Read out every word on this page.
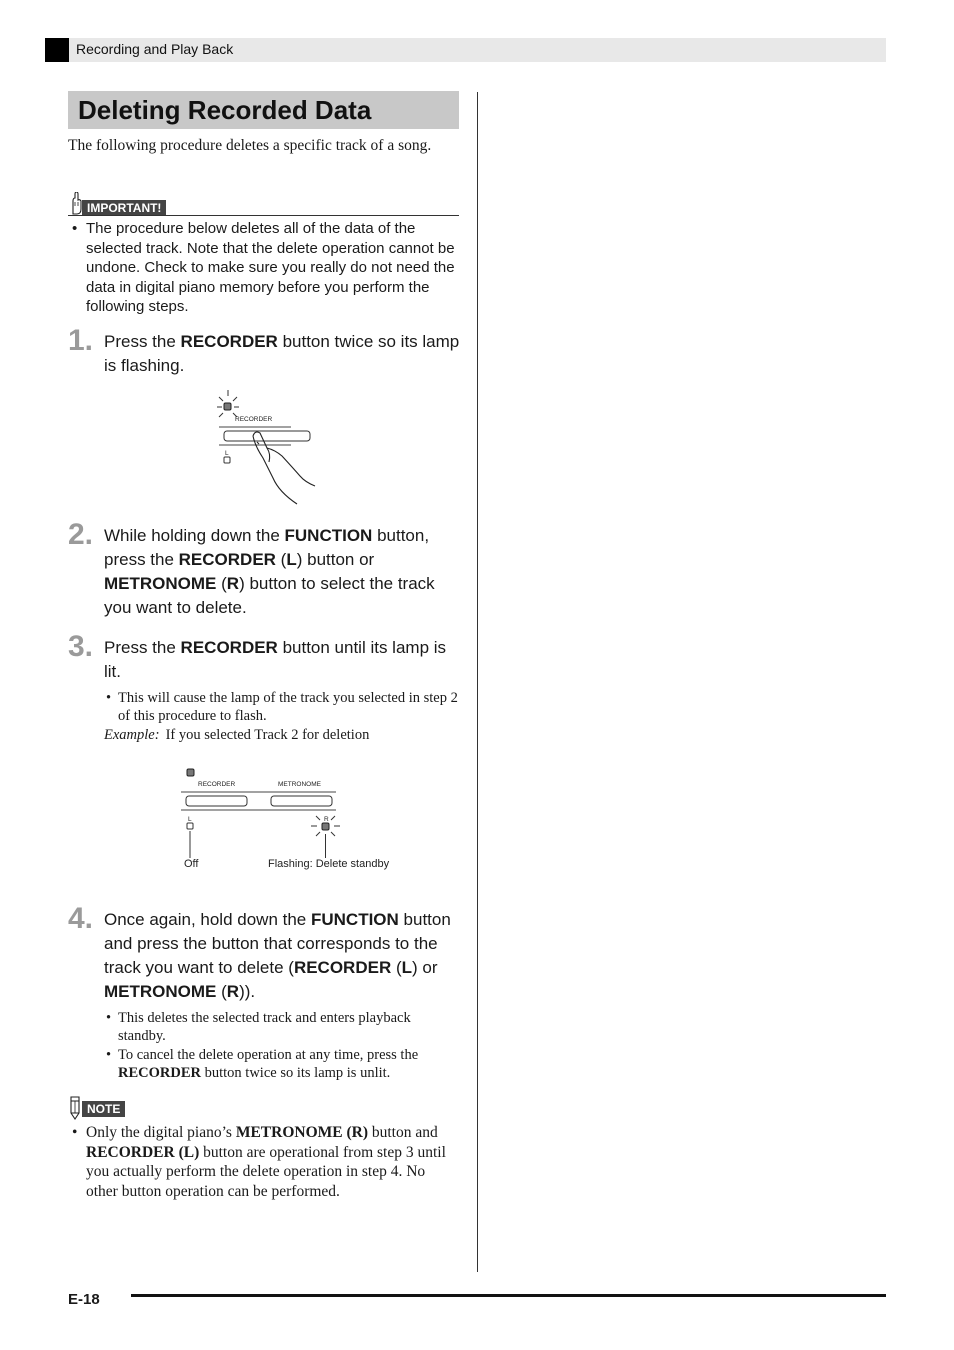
Recording and Play Back
Deleting Recorded Data
The following procedure deletes a specific track of a song.
IMPORTANT!
• The procedure below deletes all of the data of the selected track. Note that the delete operation cannot be undone. Check to make sure you really do not need the data in digital piano memory before you perform the following steps.
1. Press the RECORDER button twice so its lamp is flashing.
RECORDER
L
2. While holding down the FUNCTION button, press the RECORDER (L) button or METRONOME (R) button to select the track you want to delete.
3. Press the RECORDER button until its lamp is lit.
• This will cause the lamp of the track you selected in step 2 of this procedure to flash.
Example: If you selected Track 2 for deletion
RECORDER	METRONOME
L	R
Off	Flashing: Delete standby
4. Once again, hold down the FUNCTION button and press the button that corresponds to the track you want to delete (RECORDER (L) or METRONOME (R)).
• This deletes the selected track and enters playback standby.
• To cancel the delete operation at any time, press the RECORDER button twice so its lamp is unlit.
NOTE
• Only the digital piano’s METRONOME (R) button and RECORDER (L) button are operational from step 3 until you actually perform the delete operation in step 4. No other button operation can be performed.
E-18
